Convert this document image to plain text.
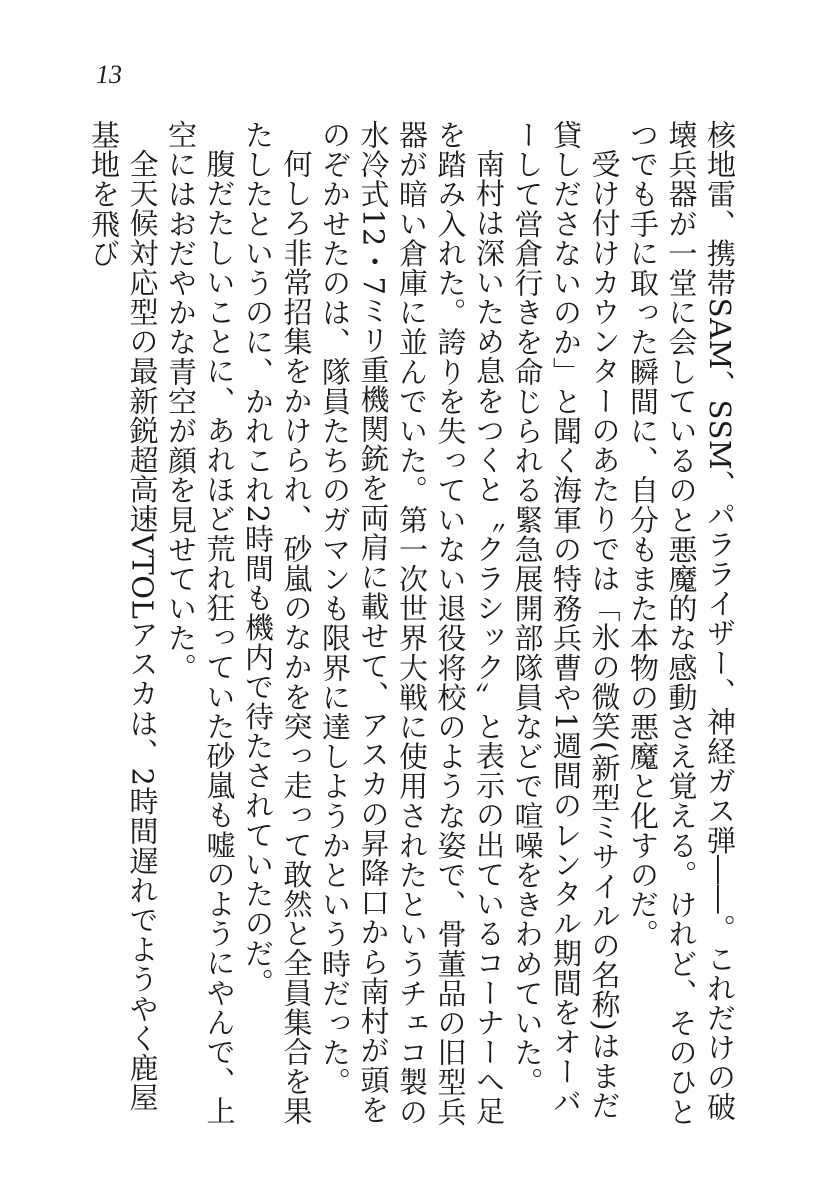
13

核地雷、携帯SAM、SSM、パラライザー、神経ガス弾――。これだけの破壊兵器が一堂に会しているのと悪魔的な感動さえ覚える。けれど、そのひとつでも手に取った瞬間に、自分もまた本物の悪魔と化すのだ。

受け付けカウンターのあたりでは「氷の微笑(新型ミサイルの名称)はまだ貸しださないのか」と聞く海軍の特務兵曹や1週間のレンタル期間をオーバーして営倉行きを命じられる緊急展開部隊員などで喧噪をきわめていた。

南村は深いため息をつくと〝クラシック〟と表示の出ているコーナーへ足を踏み入れた。誇りを失っていない退役将校のような姿で、骨董品の旧型兵器が暗い倉庫に並んでいた。第一次世界大戦に使用されたというチェコ製の水冷式12・7ミリ重機関銃を両肩に載せて、アスカの昇降口から南村が頭をのぞかせたのは、隊員たちのガマンも限界に達しようかという時だった。

何しろ非常招集をかけられ、砂嵐のなかを突っ走って敢然と全員集合を果たしたというのに、かれこれ2時間も機内で待たされていたのだ。

腹だたしいことに、あれほど荒れ狂っていた砂嵐も嘘のようにやんで、上空にはおだやかな青空が顔を見せていた。

全天候対応型の最新鋭超高速VTOLアスカは、2時間遅れでようやく鹿屋基地を飛び
